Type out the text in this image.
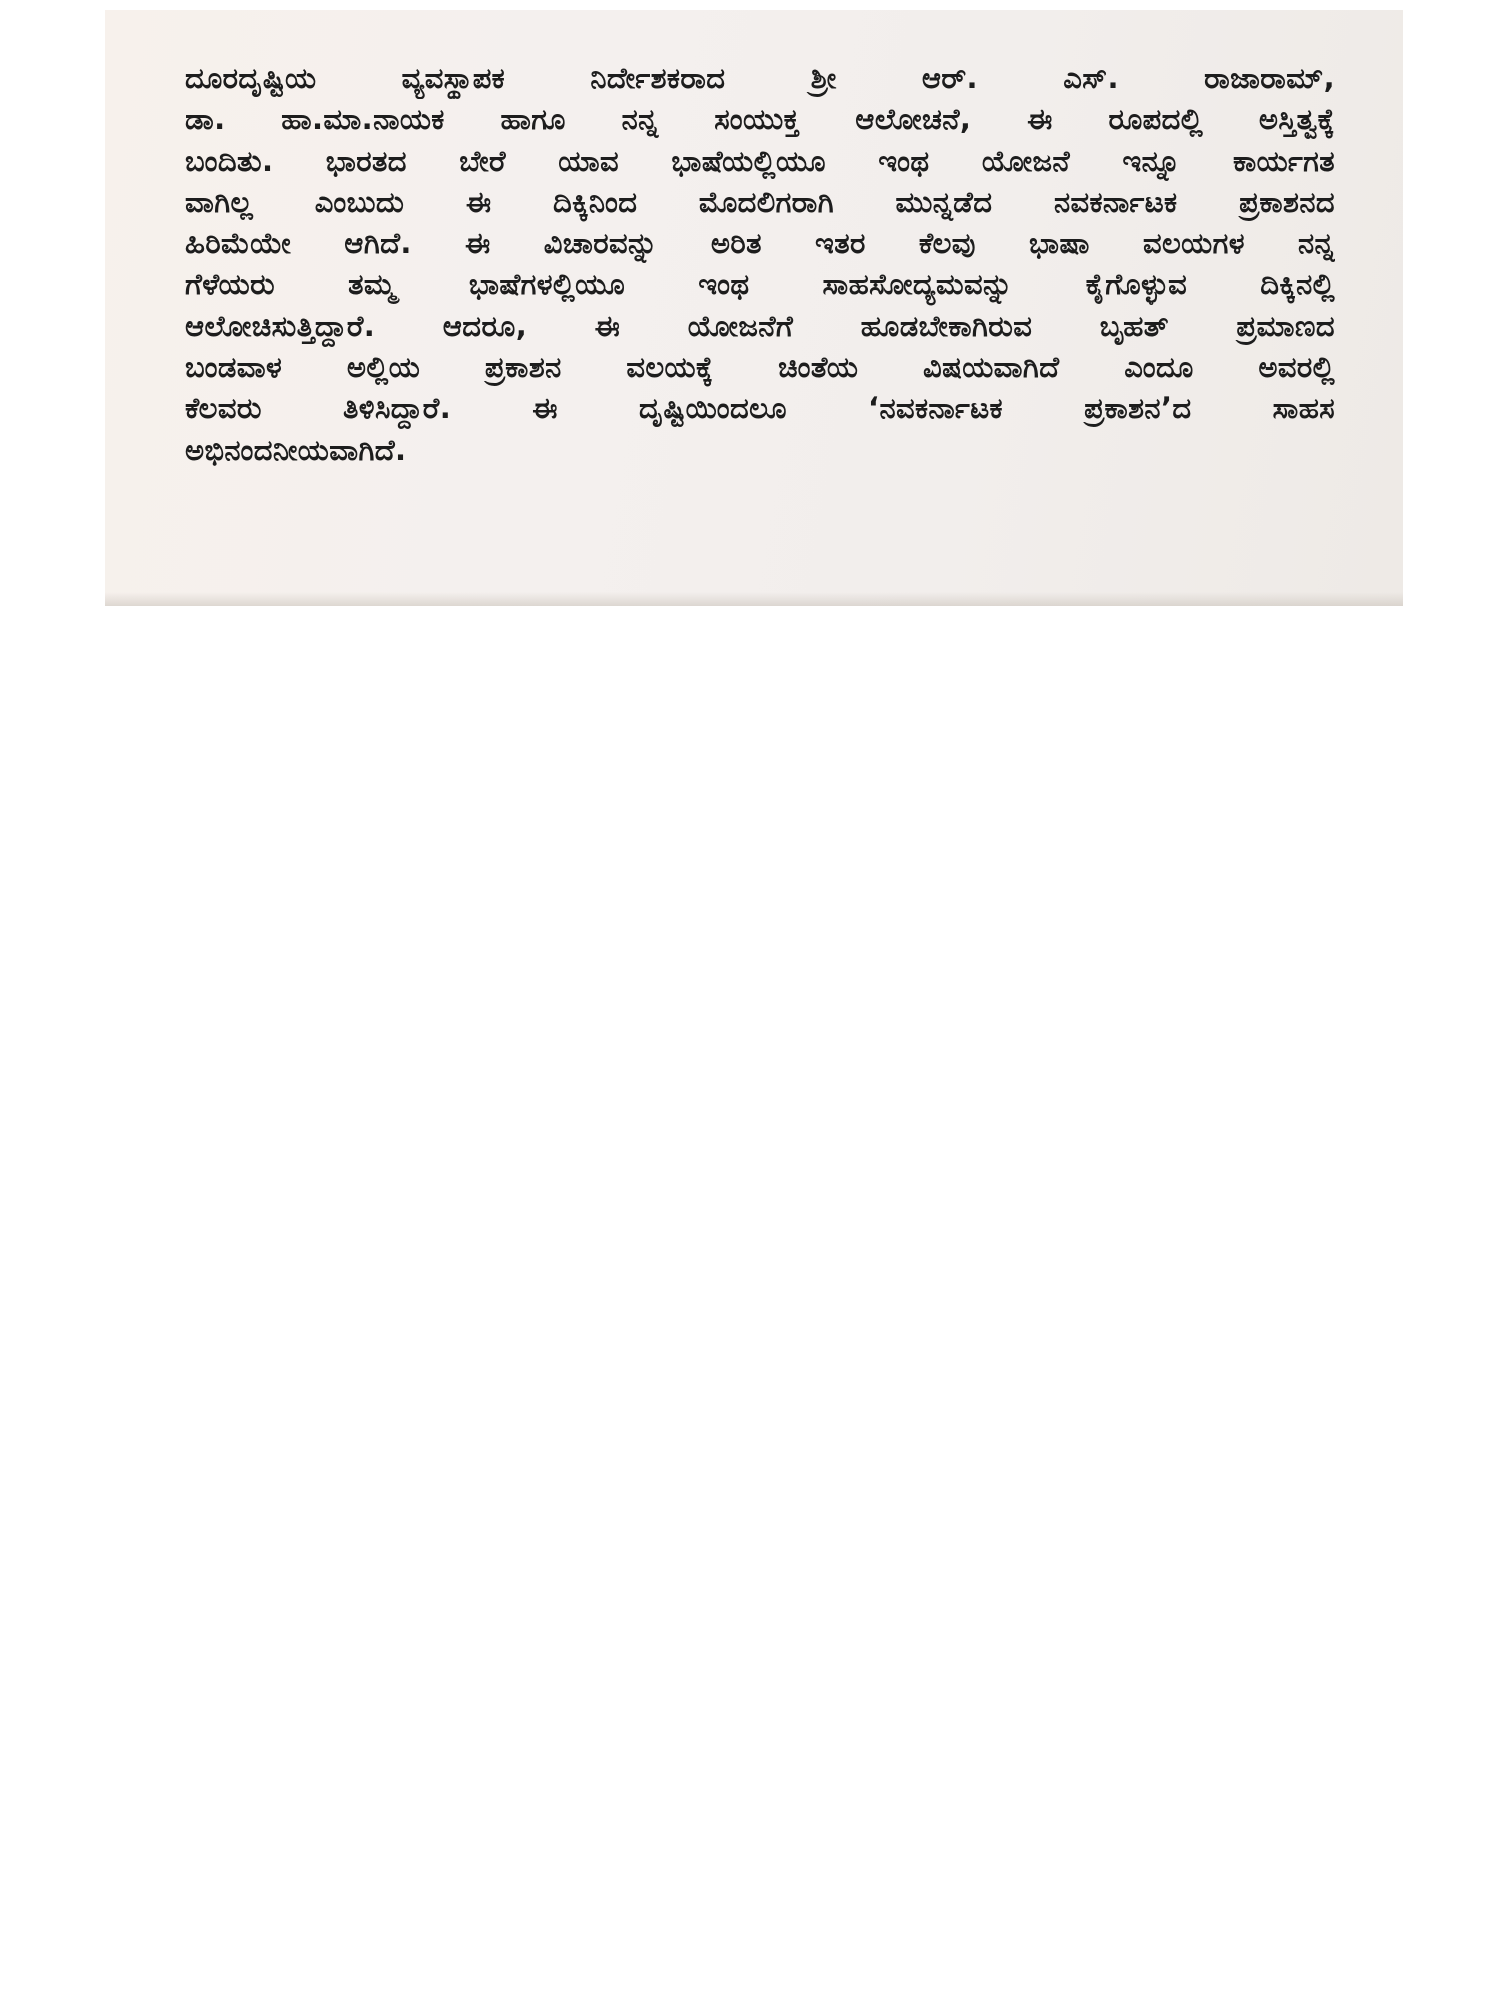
ದೂರದೃಷ್ಟಿಯ ವ್ಯವಸ್ಥಾಪಕ ನಿರ್ದೇಶಕರಾದ ಶ್ರೀ ಆರ್. ಎಸ್. ರಾಜಾರಾಮ್,
ಡಾ. ಹಾ.ಮಾ.ನಾಯಕ ಹಾಗೂ ನನ್ನ ಸಂಯುಕ್ತ ಆಲೋಚನೆ, ಈ ರೂಪದಲ್ಲಿ ಅಸ್ತಿತ್ವಕ್ಕೆ
ಬಂದಿತು. ಭಾರತದ ಬೇರೆ ಯಾವ ಭಾಷೆಯಲ್ಲಿಯೂ ಇಂಥ ಯೋಜನೆ ಇನ್ನೂ ಕಾರ್ಯಗತ
ವಾಗಿಲ್ಲ ಎಂಬುದು ಈ ದಿಕ್ಕಿನಿಂದ ಮೊದಲಿಗರಾಗಿ ಮುನ್ನಡೆದ ನವಕರ್ನಾಟಕ ಪ್ರಕಾಶನದ
ಹಿರಿಮೆಯೇ ಆಗಿದೆ. ಈ ವಿಚಾರವನ್ನು ಅರಿತ ಇತರ ಕೆಲವು ಭಾಷಾ ವಲಯಗಳ ನನ್ನ
ಗೆಳೆಯರು ತಮ್ಮ ಭಾಷೆಗಳಲ್ಲಿಯೂ ಇಂಥ ಸಾಹಸೋದ್ಯಮವನ್ನು ಕೈಗೊಳ್ಳುವ ದಿಕ್ಕಿನಲ್ಲಿ
ಆಲೋಚಿಸುತ್ತಿದ್ದಾರೆ. ಆದರೂ, ಈ ಯೋಜನೆಗೆ ಹೂಡಬೇಕಾಗಿರುವ ಬೃಹತ್ ಪ್ರಮಾಣದ
ಬಂಡವಾಳ ಅಲ್ಲಿಯ ಪ್ರಕಾಶನ ವಲಯಕ್ಕೆ ಚಿಂತೆಯ ವಿಷಯವಾಗಿದೆ ಎಂದೂ ಅವರಲ್ಲಿ
ಕೆಲವರು ತಿಳಿಸಿದ್ದಾರೆ. ಈ ದೃಷ್ಟಿಯಿಂದಲೂ ‘ನವಕರ್ನಾಟಕ ಪ್ರಕಾಶನ’ದ ಸಾಹಸ
ಅಭಿನಂದನೀಯವಾಗಿದೆ.
